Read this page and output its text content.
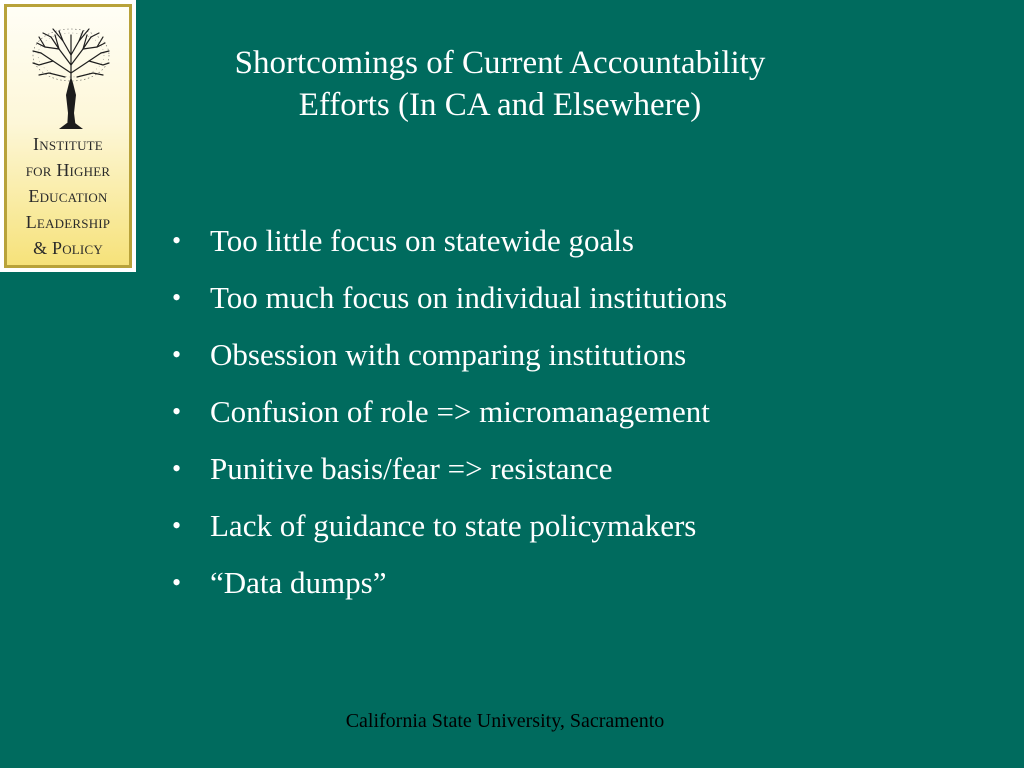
Institute
for Higher
Education
Leadership
& Policy
Shortcomings of Current Accountability
Efforts (In CA and Elsewhere)
• Too little focus on statewide goals
• Too much focus on individual institutions
• Obsession with comparing institutions
• Confusion of role => micromanagement
• Punitive basis/fear => resistance
• Lack of guidance to state policymakers
• “Data dumps”
California State University, Sacramento
